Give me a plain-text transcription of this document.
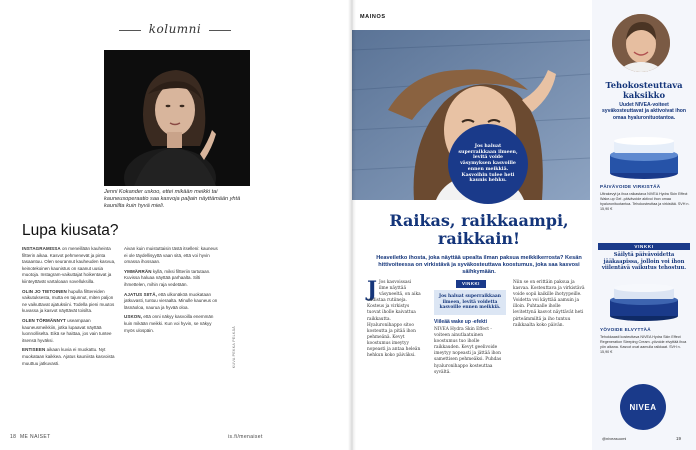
kolumni
Jenni Kokander uskoo, ettei mikään meikki tai kauneusoperaatio saa kasvoja paljain näyttämään yhtä kauniilta kuin hyvä mieli.
Lupa kiusata?

INSTAGRAMISSA on meneillään kauheinta filtterin aikaa. Kasvot pehmenevät ja pinta tasaantuu. Olen seurannut kauheuden kasvua, keinotekoinen kaunistus on saanut uusia muotoja. Instagram-vaikuttajat hoikentavat ja kiinteyttävät vartaloaan sovelluksilla.

OLIN JO TIETOINEN hupulla filttereiden vaikutuksesta, mutta en tajunnut, miten paljon ne vaikuttavat ajatuksiini. Todella pieni muutos kuvassa ja kasvot näyttävät toisilta.

OLEN TÖRMÄNNYT useampaan kauneusmeikkiin, jotka lupaavat näyttää luonnolliselta. Eikä se haittaa, jos vain tuntee itsensä hyväksi.

ENTISEEN aikaan kuvia ei muokattu. Nyt muokataan kaikkea. Ajatus kauniista kasvoista muuttuu jatkuvasti.

Aivan kuin muistuttaisin tästä itselleni: kauneus ei ole täydellisyyttä vaan sitä, että voi hyvin omassa ihossaan.

YMMÄRRÄN kyllä, miksi filtteriin tartutaan. Kuvissa haluaa näyttää parhaalta. Silti ihmettelen, mihin raja vedetään.

AJATUS SIITÄ, että ulkonäköä muokataan jatkuvasti, tuntuu vieraalta. Minulle kauneus on läsnäoloa, naurua ja hyvää oloa.

USKON, että onni näkyy kasvoilla enemmän kuin mikään meikki. Kun voi hyvin, se näkyy myös ulospäin.	KUVA PEKKA PELKÄÄ
18 ME NAISET	is.fi/menaiset
MAINOS
Jos haluat superraikkaan ilmeen, levitä voide väsymyksen kasvoille ennen meikkiä. Kasvoihin tulee heti kaunis hehku.
Raikas, raikkaampi, raikkain!
Heaveiletko ihosta, joka näyttää upealta ilman paksua meikkikerrosta? Kesän hittivoiteessa on virkistävä ja syväkosteuttava koostumus, joka saa kasvosi säihkymään.

J Jos kasvoissasi ilme näyttää väsyneeltä, on aika uudistaa rutiineja. Kosteus ja virkistys tuovat iholle kaivattua raikkautta. Hyaluronihappo sitoo kosteutta ja pitää ihon pehmeänä. Kevyt koostumus imeytyy nopeasti ja antaa heleän hehkun koko päiväksi.

VINKKI
Jos haluat superraikkaan ilmeen, levitä voidetta kasvoille ennen meikkiä.
Viileää wake up -efekti

NIVEA Hydra Skin Effect -voiteen ainutlaatuinen koostumus tuo iholle raikkauden. Kevyt geelivoide imeytyy nopeasti ja jättää ihon samettisen pehmeäksi. Puhdas hyaluronihappo kosteuttaa syvältä.

Niin se on erittäin paksua ja kasvaa. Kosteuttava ja virkistävä voide sopii kaikille ihotyypeille. Voidetta voi käyttää aamuin ja illoin. Puhtaalle iholle levitettynä kasvot näyttävät heti pirteämmiltä ja iho tuntuu raikkaalta koko päivän.

Tehokosteuttava kaksikko
Uudet NIVEA-voiteet syväkosteuttavat ja aktivoivat ihon omaa hyaluronituotantoa.
PÄIVÄVOIDE VIRKISTÄÄ
Ultrakevyt ja ihoa raikastava NIVEA Hydra Skin Effect Wake-up Gel -päivävoide aktivoi ihon omaa hyaluronituotantoa. Tehokosteuttaa ja virkistää. SVH n. 15,90 €
VINKKI
Säilytä päivävoidetta jääkaapissa, jolloin voi ihon viilentävä vaikutus tehostuu.
YÖVOIDE ELVYTTÄÄ
Tehokkaasti kosteuttava NIVEA Hydra Skin Effect Regeneration Sleeping Cream -yövoide elvyttää ihoa yön aikana. Kasvot ovat aamulla raikkaat. SVH n. 15,90 €
NIVEA
@niveasuomi	19
